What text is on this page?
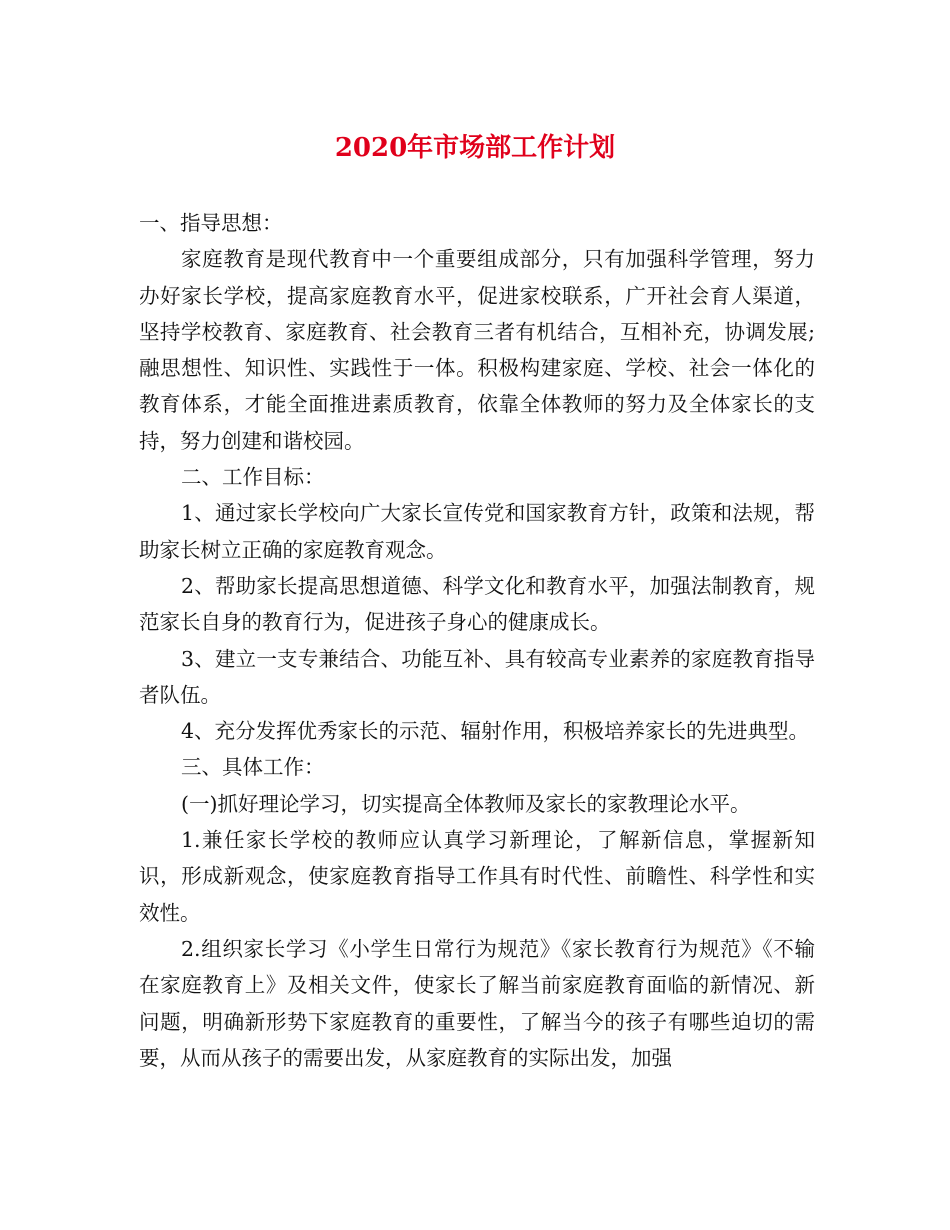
2020年市场部工作计划

一、指导思想：

家庭教育是现代教育中一个重要组成部分，只有加强科学管理，努力办好家长学校，提高家庭教育水平，促进家校联系，广开社会育人渠道，坚持学校教育、家庭教育、社会教育三者有机结合，互相补充，协调发展;融思想性、知识性、实践性于一体。积极构建家庭、学校、社会一体化的教育体系，才能全面推进素质教育，依靠全体教师的努力及全体家长的支持，努力创建和谐校园。

二、工作目标：

1、通过家长学校向广大家长宣传党和国家教育方针，政策和法规，帮助家长树立正确的家庭教育观念。

2、帮助家长提高思想道德、科学文化和教育水平，加强法制教育，规范家长自身的教育行为，促进孩子身心的健康成长。

3、建立一支专兼结合、功能互补、具有较高专业素养的家庭教育指导者队伍。

4、充分发挥优秀家长的示范、辐射作用，积极培养家长的先进典型。

三、具体工作：

(一)抓好理论学习，切实提高全体教师及家长的家教理论水平。

1.兼任家长学校的教师应认真学习新理论，了解新信息，掌握新知识，形成新观念，使家庭教育指导工作具有时代性、前瞻性、科学性和实效性。

2.组织家长学习《小学生日常行为规范》《家长教育行为规范》《不输在家庭教育上》及相关文件，使家长了解当前家庭教育面临的新情况、新问题，明确新形势下家庭教育的重要性，了解当今的孩子有哪些迫切的需要，从而从孩子的需要出发，从家庭教育的实际出发，加强
